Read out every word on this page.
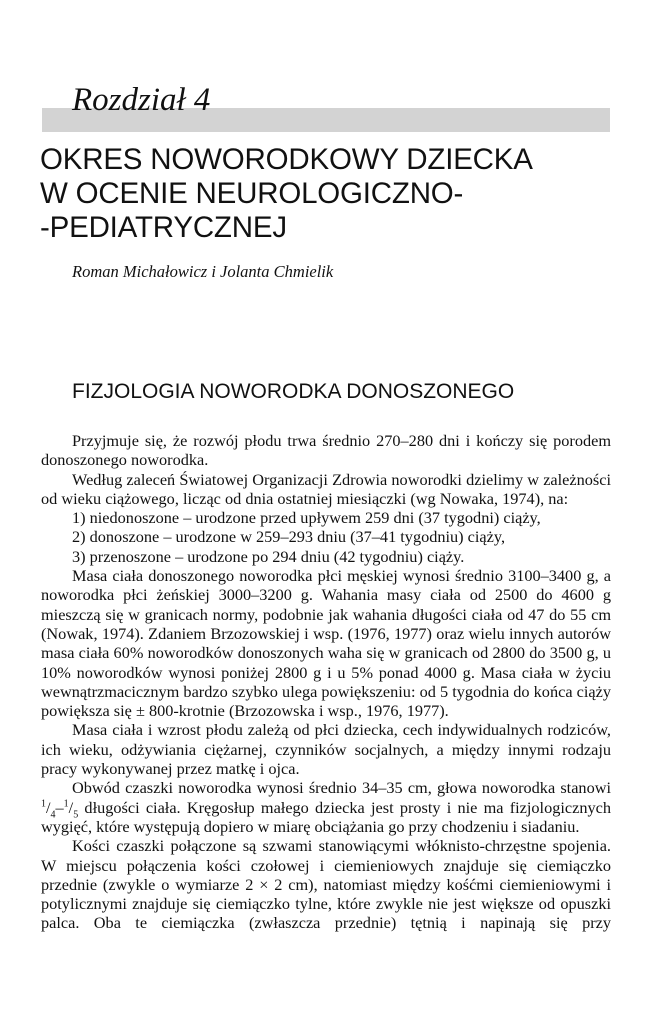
Rozdział 4
OKRES NOWORODKOWY DZIECKA
W OCENIE NEUROLOGICZNO-
-PEDIATRYCZNEJ

Roman Michałowicz i Jolanta Chmielik

FIZJOLOGIA NOWORODKA DONOSZONEGO

Przyjmuje się, że rozwój płodu trwa średnio 270–280 dni i kończy się porodem donoszonego noworodka.

Według zaleceń Światowej Organizacji Zdrowia noworodki dzielimy w zależności od wieku ciążowego, licząc od dnia ostatniej miesiączki (wg Nowaka, 1974), na:

1) niedonoszone – urodzone przed upływem 259 dni (37 tygodni) ciąży,

2) donoszone – urodzone w 259–293 dniu (37–41 tygodniu) ciąży,

3) przenoszone – urodzone po 294 dniu (42 tygodniu) ciąży.

Masa ciała donoszonego noworodka płci męskiej wynosi średnio 3100–3400 g, a noworodka płci żeńskiej 3000–3200 g. Wahania masy ciała od 2500 do 4600 g mieszczą się w granicach normy, podobnie jak wahania długości ciała od 47 do 55 cm (Nowak, 1974). Zdaniem Brzozowskiej i wsp. (1976, 1977) oraz wielu innych autorów masa ciała 60% noworodków donoszonych waha się w granicach od 2800 do 3500 g, u 10% noworodków wynosi poniżej 2800 g i u 5% ponad 4000 g. Masa ciała w życiu wewnątrzmacicznym bardzo szybko ulega powiększeniu: od 5 tygodnia do końca ciąży powiększa się ± 800-krotnie (Brzozowska i wsp., 1976, 1977).

Masa ciała i wzrost płodu zależą od płci dziecka, cech indywidualnych rodziców, ich wieku, odżywiania ciężarnej, czynników socjalnych, a między innymi rodzaju pracy wykonywanej przez matkę i ojca.

Obwód czaszki noworodka wynosi średnio 34–35 cm, głowa noworodka stanowi $^1/_4-^1/_5$ długości ciała. Kręgosłup małego dziecka jest prosty i nie ma fizjologicznych wygięć, które występują dopiero w miarę obciążania go przy chodzeniu i siadaniu.

Kości czaszki połączone są szwami stanowiącymi włóknisto-chrzęstne spojenia. W miejscu połączenia kości czołowej i ciemieniowych znajduje się ciemiączko przednie (zwykle o wymiarze 2 × 2 cm), natomiast między kośćmi ciemieniowymi i potylicznymi znajduje się ciemiączko tylne, które zwykle nie jest większe od opuszki palca. Oba te ciemiączka (zwłaszcza przednie) tętnią i napinają się przy
